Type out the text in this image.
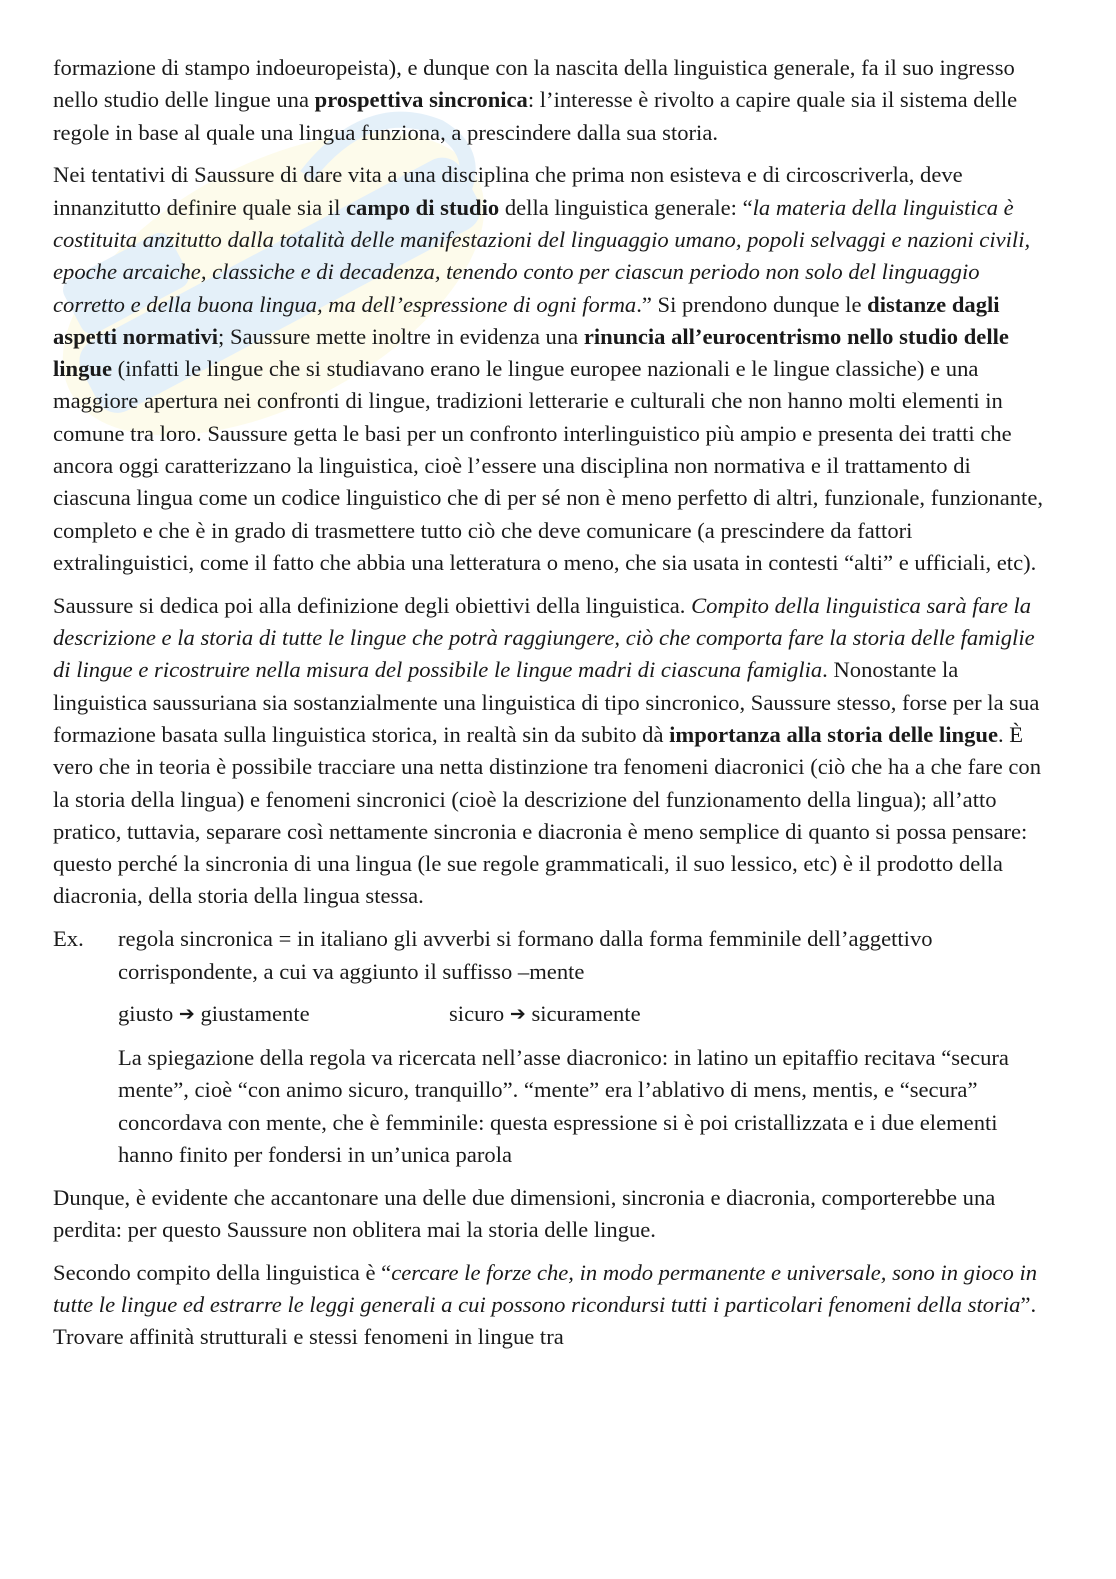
formazione di stampo indoeuropeista), e dunque con la nascita della linguistica generale, fa il suo ingresso nello studio delle lingue una prospettiva sincronica: l’interesse è rivolto a capire quale sia il sistema delle regole in base al quale una lingua funziona, a prescindere dalla sua storia.

Nei tentativi di Saussure di dare vita a una disciplina che prima non esisteva e di circoscriverla, deve innanzitutto definire quale sia il campo di studio della linguistica generale: “la materia della linguistica è costituita anzitutto dalla totalità delle manifestazioni del linguaggio umano, popoli selvaggi e nazioni civili, epoche arcaiche, classiche e di decadenza, tenendo conto per ciascun periodo non solo del linguaggio corretto e della buona lingua, ma dell’espressione di ogni forma.” Si prendono dunque le distanze dagli aspetti normativi; Saussure mette inoltre in evidenza una rinuncia all’eurocentrismo nello studio delle lingue (infatti le lingue che si studiavano erano le lingue europee nazionali e le lingue classiche) e una maggiore apertura nei confronti di lingue, tradizioni letterarie e culturali che non hanno molti elementi in comune tra loro. Saussure getta le basi per un confronto interlinguistico più ampio e presenta dei tratti che ancora oggi caratterizzano la linguistica, cioè l’essere una disciplina non normativa e il trattamento di ciascuna lingua come un codice linguistico che di per sé non è meno perfetto di altri, funzionale, funzionante, completo e che è in grado di trasmettere tutto ciò che deve comunicare (a prescindere da fattori extralinguistici, come il fatto che abbia una letteratura o meno, che sia usata in contesti “alti” e ufficiali, etc).

Saussure si dedica poi alla definizione degli obiettivi della linguistica. Compito della linguistica sarà fare la descrizione e la storia di tutte le lingue che potrà raggiungere, ciò che comporta fare la storia delle famiglie di lingue e ricostruire nella misura del possibile le lingue madri di ciascuna famiglia. Nonostante la linguistica saussuriana sia sostanzialmente una linguistica di tipo sincronico, Saussure stesso, forse per la sua formazione basata sulla linguistica storica, in realtà sin da subito dà importanza alla storia delle lingue. È vero che in teoria è possibile tracciare una netta distinzione tra fenomeni diacronici (ciò che ha a che fare con la storia della lingua) e fenomeni sincronici (cioè la descrizione del funzionamento della lingua); all’atto pratico, tuttavia, separare così nettamente sincronia e diacronia è meno semplice di quanto si possa pensare: questo perché la sincronia di una lingua (le sue regole grammaticali, il suo lessico, etc) è il prodotto della diacronia, della storia della lingua stessa.

Ex.	regola sincronica = in italiano gli avverbi si formano dalla forma femminile dell’aggettivo corrispondente, a cui va aggiunto il suffisso –mente

giusto ➔ giustamente	sicuro ➔ sicuramente

La spiegazione della regola va ricercata nell’asse diacronico: in latino un epitaffio recitava “secura mente”, cioè “con animo sicuro, tranquillo”. “mente” era l’ablativo di mens, mentis, e “secura” concordava con mente, che è femminile: questa espressione si è poi cristallizzata e i due elementi hanno finito per fondersi in un’unica parola

Dunque, è evidente che accantonare una delle due dimensioni, sincronia e diacronia, comporterebbe una perdita: per questo Saussure non oblitera mai la storia delle lingue.

Secondo compito della linguistica è “cercare le forze che, in modo permanente e universale, sono in gioco in tutte le lingue ed estrarre le leggi generali a cui possono ricondursi tutti i particolari fenomeni della storia”. Trovare affinità strutturali e stessi fenomeni in lingue tra
